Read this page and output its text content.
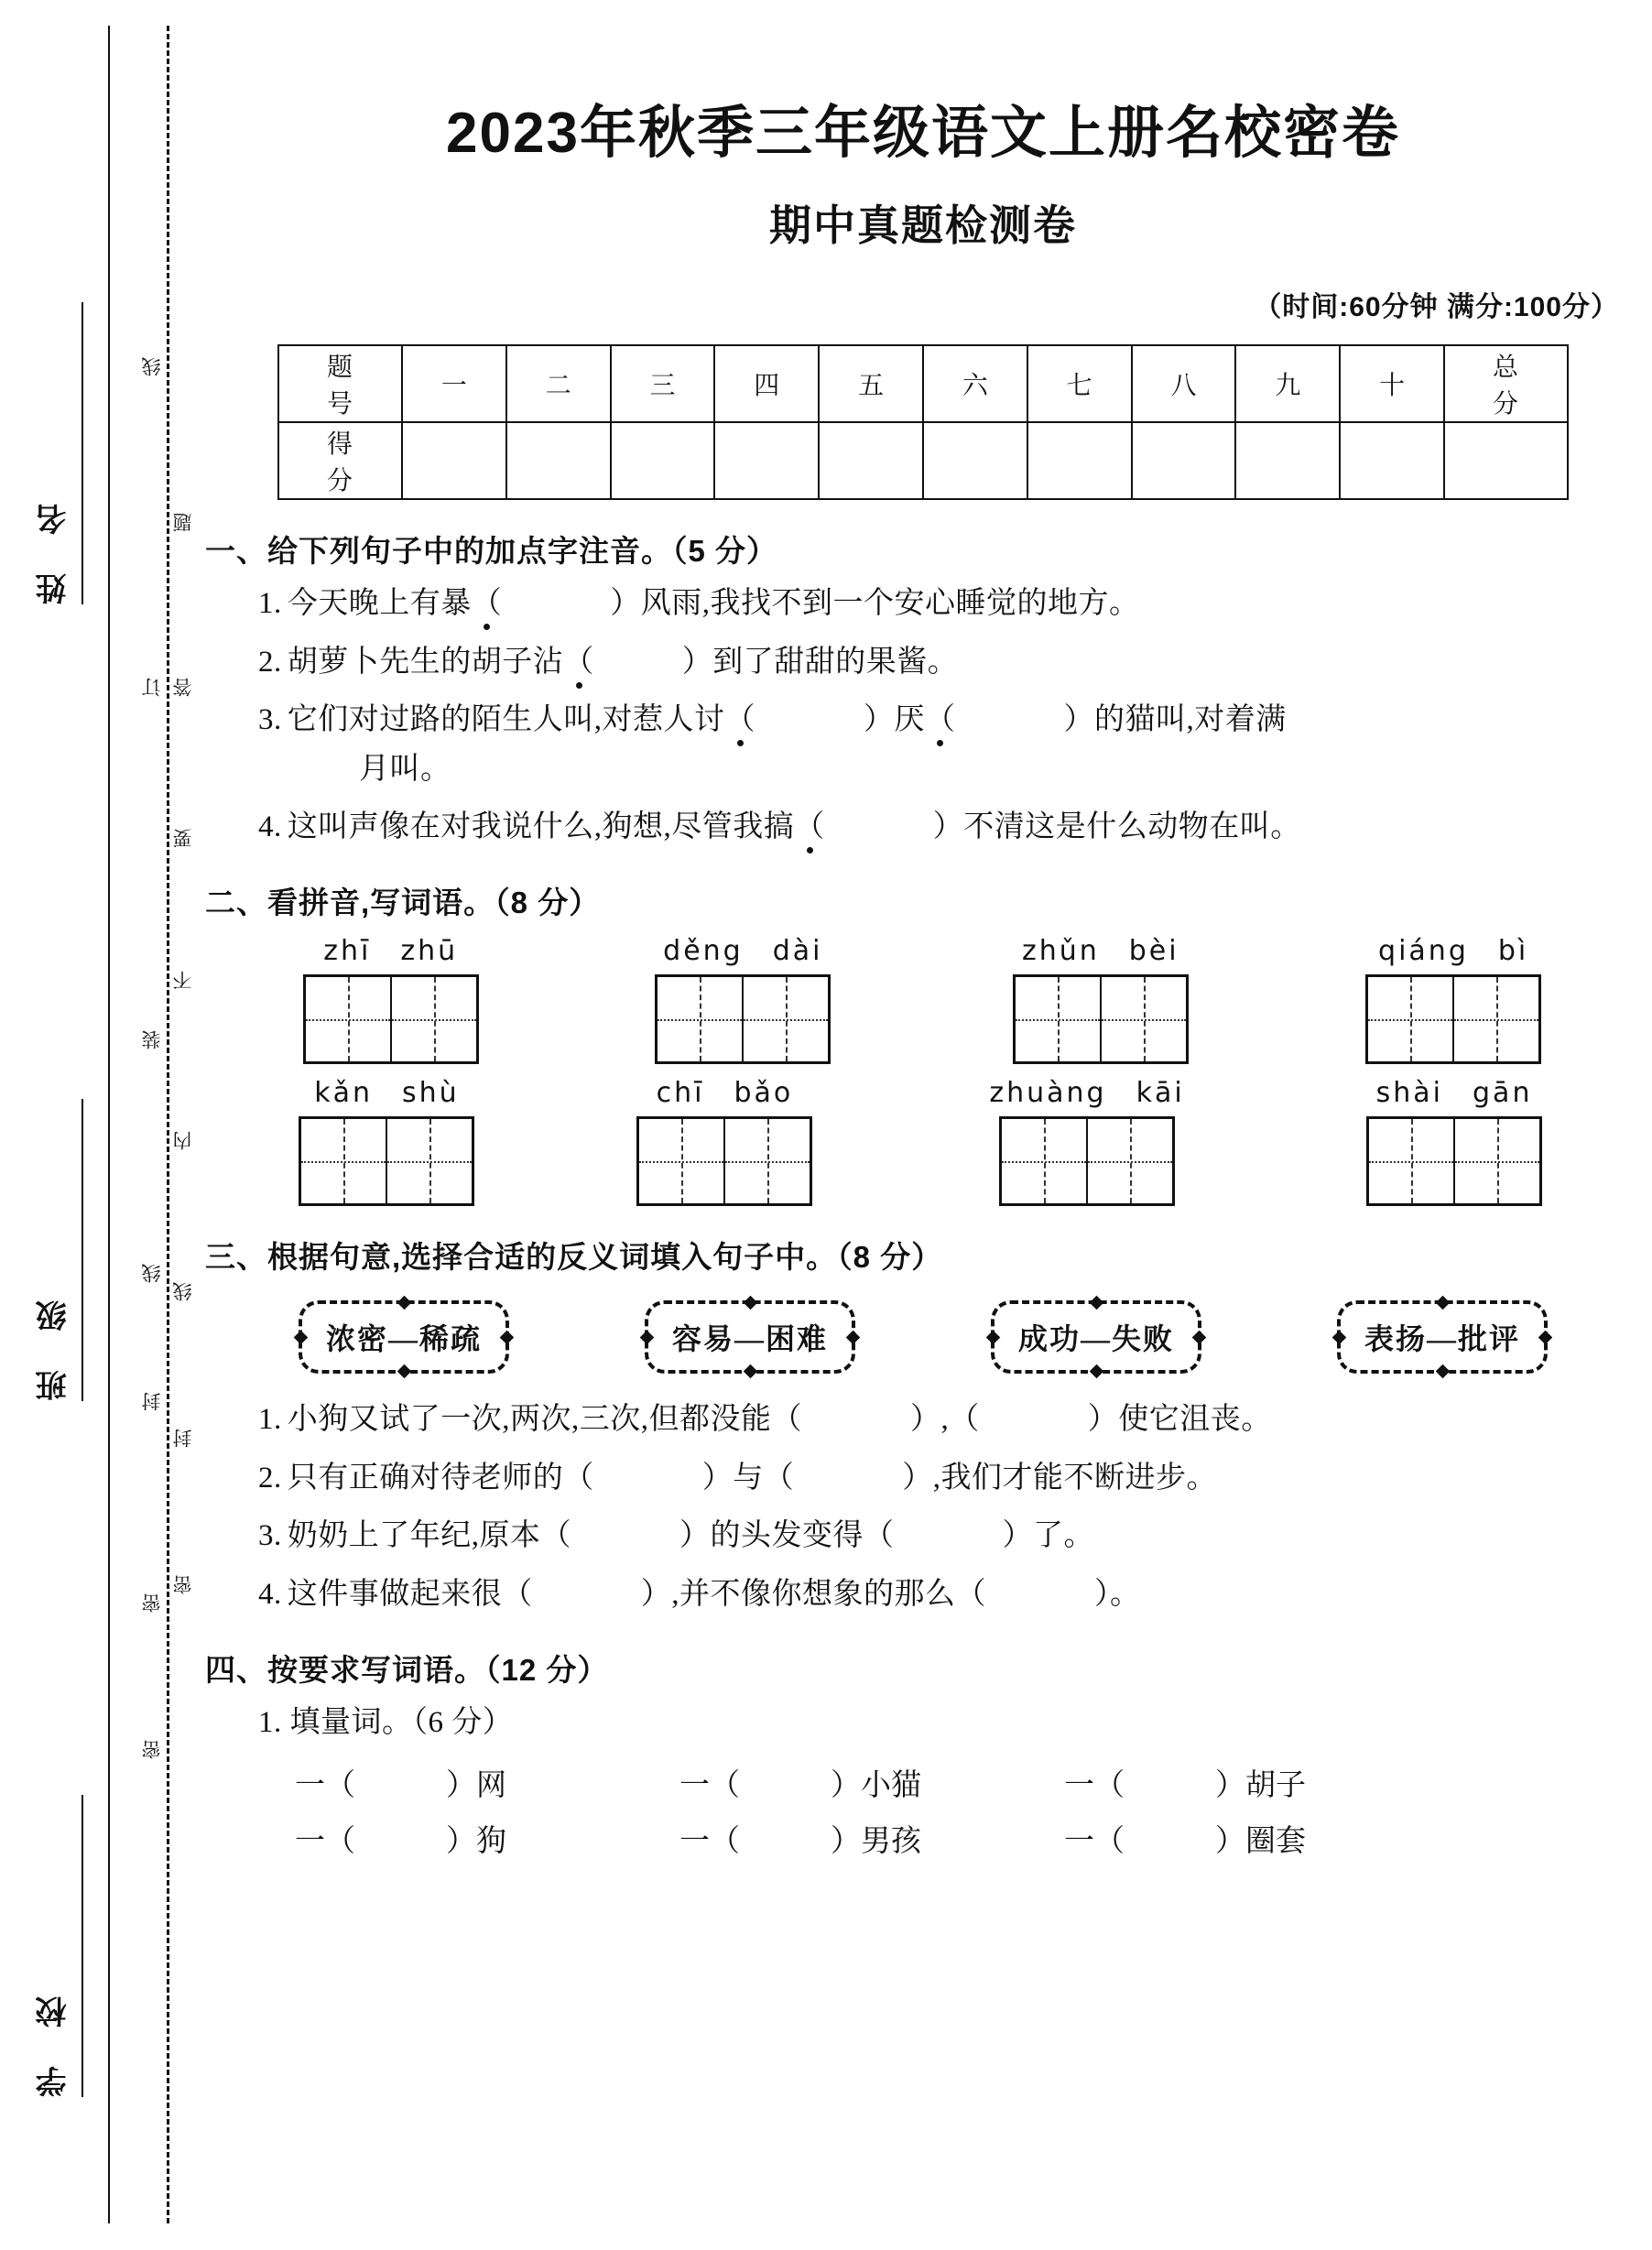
姓　名
班　级
学　校
线
订
装
线
封
密
密
题
答
要
不
内
线
封
密
2023年秋季三年级语文上册名校密卷
期中真题检测卷
（时间:60分钟 满分:100分）
题　号	一	二	三	四	五	六	七	八	九	十	总　分
得　分											
一、给下列句子中的加点字注音。（5 分）
1. 今天晚上有暴（	）风雨,我找不到一个安心睡觉的地方。
2. 胡萝卜先生的胡子沾（	）到了甜甜的果酱。
3. 它们对过路的陌生人叫,对惹人讨（	）厌（	）的猫叫,对着满
月叫。
4. 这叫声像在对我说什么,狗想,尽管我搞（	）不清这是什么动物在叫。
二、看拼音,写词语。（8 分）
zhī zhū	děng dài	zhǔn bèi	qiáng bì
kǎn shù	chī bǎo	zhuàng kāi	shài gān
三、根据句意,选择合适的反义词填入句子中。（8 分）
浓密—稀疏	容易—困难	成功—失败	表扬—批评
1. 小狗又试了一次,两次,三次,但都没能（	）,（	）使它沮丧。
2. 只有正确对待老师的（	）与（	）,我们才能不断进步。
3. 奶奶上了年纪,原本（	）的头发变得（	）了。
4. 这件事做起来很（	）,并不像你想象的那么（	）。
四、按要求写词语。（12 分）
1. 填量词。（6 分）
一（　　　）网	一（　　　）小猫	一（　　　）胡子
一（　　　）狗	一（　　　）男孩	一（　　　）圈套
